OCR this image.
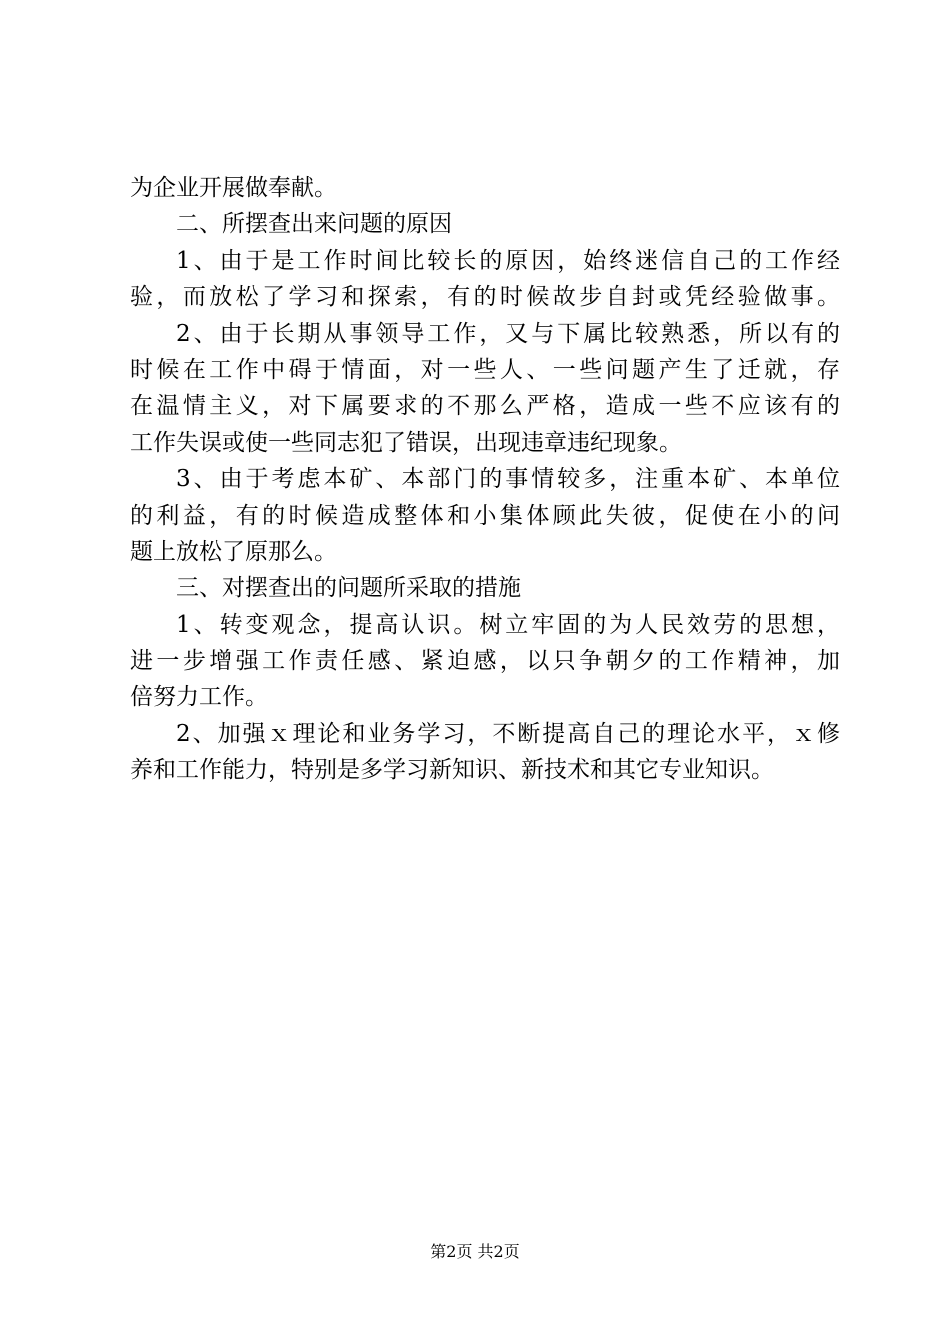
为企业开展做奉献。
二、所摆查出来问题的原因
1、由于是工作时间比较长的原因，始终迷信自己的工作经
验，而放松了学习和探索，有的时候故步自封或凭经验做事。
2、由于长期从事领导工作，又与下属比较熟悉，所以有的
时候在工作中碍于情面，对一些人、一些问题产生了迁就，存
在温情主义，对下属要求的不那么严格，造成一些不应该有的
工作失误或使一些同志犯了错误，出现违章违纪现象。
3、由于考虑本矿、本部门的事情较多，注重本矿、本单位
的利益，有的时候造成整体和小集体顾此失彼，促使在小的问
题上放松了原那么。
三、对摆查出的问题所采取的措施
1、转变观念，提高认识。树立牢固的为人民效劳的思想，
进一步增强工作责任感、紧迫感，以只争朝夕的工作精神，加
倍努力工作。
2、加强ｘ理论和业务学习，不断提高自己的理论水平，ｘ修
养和工作能力，特别是多学习新知识、新技术和其它专业知识。
第2页 共2页
